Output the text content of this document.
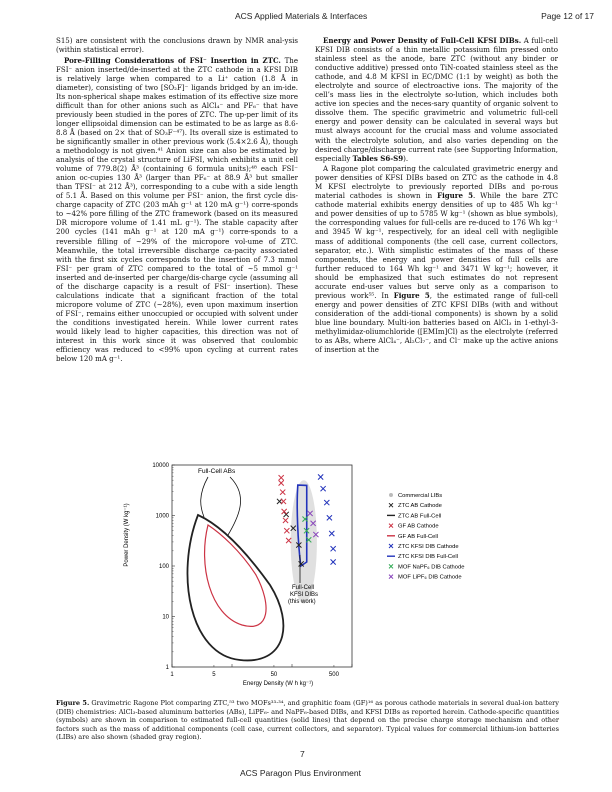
ACS Applied Materials & Interfaces	Page 12 of 17

S15) are consistent with the conclusions drawn by NMR anal-ysis (within statistical error).

Pore-Filling Considerations of FSI⁻ Insertion in ZTC. The FSI⁻ anion inserted/de-inserted at the ZTC cathode in a KFSI DIB is relatively large when compared to a Li⁺ cation (1.8 Å in diameter), consisting of two [SO₂F]⁻ ligands bridged by an im-ide. Its non-spherical shape makes estimation of its effective size more difficult than for other anions such as AlCl₄⁻ and PF₆⁻ that have previously been studied in the pores of ZTC. The up-per limit of its longer ellipsoidal dimension can be estimated to be as large as 8.6-8.8 Å (based on 2× that of SO₃F⁻⁴⁷). Its overall size is estimated to be significantly smaller in other previous work (5.4×2.6 Å), though a methodology is not given.⁴¹ Anion size can also be estimated by analysis of the crystal structure of LiFSI, which exhibits a unit cell volume of 779.8(2) Å³ (containing 6 formula units);⁴⁸ each FSI⁻ anion oc-cupies 130 Å³ (larger than PF₆⁻ at 88.9 Å³ but smaller than TFSI⁻ at 212 Å³), corresponding to a cube with a side length of 5.1 Å. Based on this volume per FSI⁻ anion, the first cycle dis-charge capacity of ZTC (203 mAh g⁻¹ at 120 mA g⁻¹) corre-sponds to ~42% pore filling of the ZTC framework (based on its measured DR micropore volume of 1.41 mL g⁻¹). The stable capacity after 200 cycles (141 mAh g⁻¹ at 120 mA g⁻¹) corre-sponds to a reversible filling of ~29% of the micropore vol-ume of ZTC. Meanwhile, the total irreversible discharge ca-pacity associated with the first six cycles corresponds to the insertion of 7.3 mmol FSI⁻ per gram of ZTC compared to the total of ~5 mmol g⁻¹ inserted and de-inserted per charge/dis-charge cycle (assuming all of the discharge capacity is a result of FSI⁻ insertion). These calculations indicate that a significant fraction of the total micropore volume of ZTC (~28%), even upon maximum insertion of FSI⁻, remains either unoccupied or occupied with solvent under the conditions investigated herein. While lower current rates would likely lead to higher capacities, this direction was not of interest in this work since it was observed that coulombic efficiency was reduced to <99% upon cycling at current rates below 120 mA g⁻¹.

Energy and Power Density of Full-Cell KFSI DIBs. A full-cell KFSI DIB consists of a thin metallic potassium film pressed onto stainless steel as the anode, bare ZTC (without any binder or conductive additive) pressed onto TiN-coated stainless steel as the cathode, and 4.8 M KFSI in EC/DMC (1:1 by weight) as both the electrolyte and source of electroactive ions. The majority of the cell’s mass lies in the electrolyte so-lution, which includes both active ion species and the neces-sary quantity of organic solvent to dissolve them. The specific gravimetric and volumetric full-cell energy and power density can be calculated in several ways but must always account for the crucial mass and volume associated with the electrolyte solution, and also varies depending on the desired charge/discharge current rate (see Supporting Information, especially Tables S6-S9).

A Ragone plot comparing the calculated gravimetric energy and power densities of KFSI DIBs based on ZTC as the cathode in 4.8 M KFSI electrolyte to previously reported DIBs and po-rous material cathodes is shown in Figure 5. While the bare ZTC cathode material exhibits energy densities of up to 485 Wh kg⁻¹ and power densities of up to 5785 W kg⁻¹ (shown as blue symbols), the corresponding values for full-cells are re-duced to 176 Wh kg⁻¹ and 3945 W kg⁻¹, respectively, for an ideal cell with negligible mass of additional components (the cell case, current collectors, separator, etc.). With simplistic estimates of the mass of these components, the energy and power densities of full cells are further reduced to 164 Wh kg⁻¹ and 3471 W kg⁻¹; however, it should be emphasized that such estimates do not represent accurate end-user values but serve only as a comparison to previous work⁵⁵. In Figure 5, the estimated range of full-cell energy and power densities of ZTC KFSI DIBs (with and without consideration of the addi-tional components) is shown by a solid blue line boundary. Multi-ion batteries based on AlCl₃ in 1-ethyl-3-methylimidaz-oliumchloride ([EMIm]Cl) as the electrolyte (referred to as ABs, where AlCl₄⁻, Al₂Cl₇⁻, and Cl⁻ make up the active anions of insertion at the

1
10
100
1000
10000
1	5	50	500
Commercial LIBs
ZTC AB Cathode
ZTC AB Full-Cell
GF AB Cathode
GF AB Full-Cell
ZTC KFSI DIB Cathode
ZTC KFSI DIB Full-Cell
MOF NaPF₆ DIB Cathode
MOF LiPF₆ DIB Cathode
Full-Cell ABs
Full-Cell
KFSI DIBs
(this work)
Energy Density (W h kg⁻¹)
Power Density (W kg⁻¹)
Figure 5. Gravimetric Ragone Plot comparing ZTC,⁵³ two MOFs³³·³⁴, and graphitic foam (GF)¹⁶ as porous cathode materials in several dual-ion battery (DIB) chemistries: AlCl₃-based aluminum batteries (ABs), LiPF₆- and NaPF₆-based DIBs, and KFSI DIBs as reported herein. Cathode-specific quantities (symbols) are shown in comparison to estimated full-cell quantities (solid lines) that depend on the precise charge storage mechanism and other factors such as the mass of additional components (cell case, current collectors, and separator). Typical values for commercial lithium-ion batteries (LIBs) are also shown (shaded gray region).
7
ACS Paragon Plus Environment
